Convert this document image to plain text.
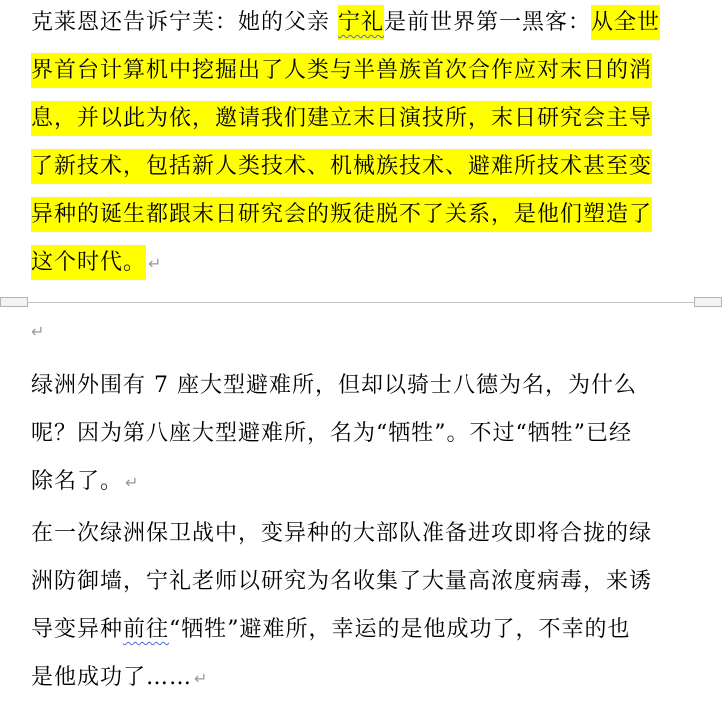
克莱恩还告诉宁芙：她的父亲 宁礼是前世界第一黑客：从全世
界首台计算机中挖掘出了人类与半兽族首次合作应对末日的消
息，并以此为依，邀请我们建立末日演技所，末日研究会主导
了新技术，包括新人类技术、机械族技术、避难所技术甚至变
异种的诞生都跟末日研究会的叛徒脱不了关系，是他们塑造了
这个时代。 ↵
↵
绿洲外围有 7 座大型避难所，但却以骑士八德为名，为什么
呢？因为第八座大型避难所，名为“牺牲”。不过“牺牲”已经
除名了。 ↵
在一次绿洲保卫战中，变异种的大部队准备进攻即将合拢的绿
洲防御墙，宁礼老师以研究为名收集了大量高浓度病毒，来诱
导变异种前往“牺牲”避难所，幸运的是他成功了，不幸的也
是他成功了…… ↵
